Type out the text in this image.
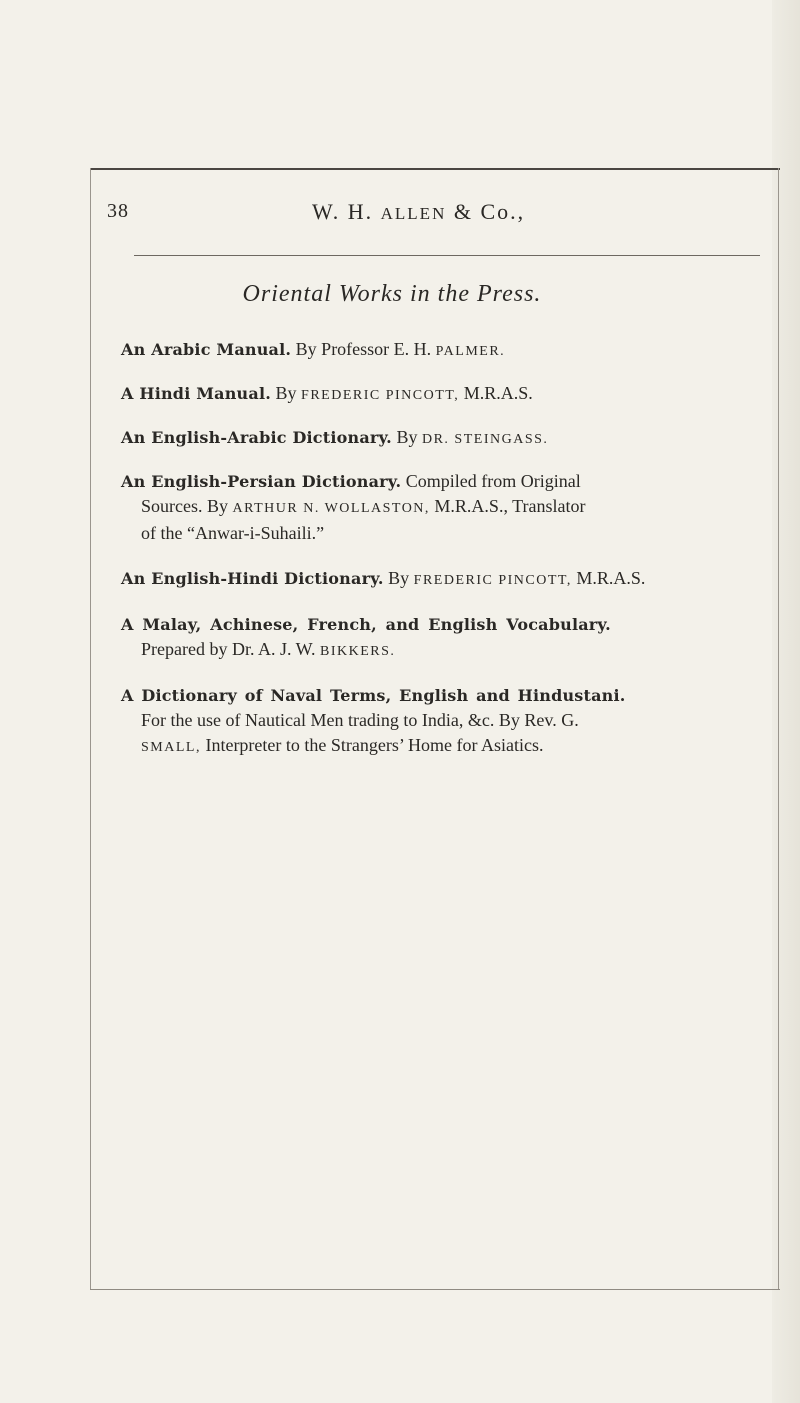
38	W. H. ALLEN & Co.,
Oriental Works in the Press.
An Arabic Manual. By Professor E. H. PALMER.
A Hindi Manual. By FREDERIC PINCOTT, M.R.A.S.
An English-Arabic Dictionary. By DR. STEINGASS.
An English-Persian Dictionary. Compiled from Original
Sources. By ARTHUR N. WOLLASTON, M.R.A.S., Translator
of the “Anwar-i-Suhaili.”
An English-Hindi Dictionary. By FREDERIC PINCOTT, M.R.A.S.
A Malay, Achinese, French, and English Vocabulary.
Prepared by Dr. A. J. W. BIKKERS.
A Dictionary of Naval Terms, English and Hindustani.
For the use of Nautical Men trading to India, &c. By Rev. G.
SMALL, Interpreter to the Strangers’ Home for Asiatics.
